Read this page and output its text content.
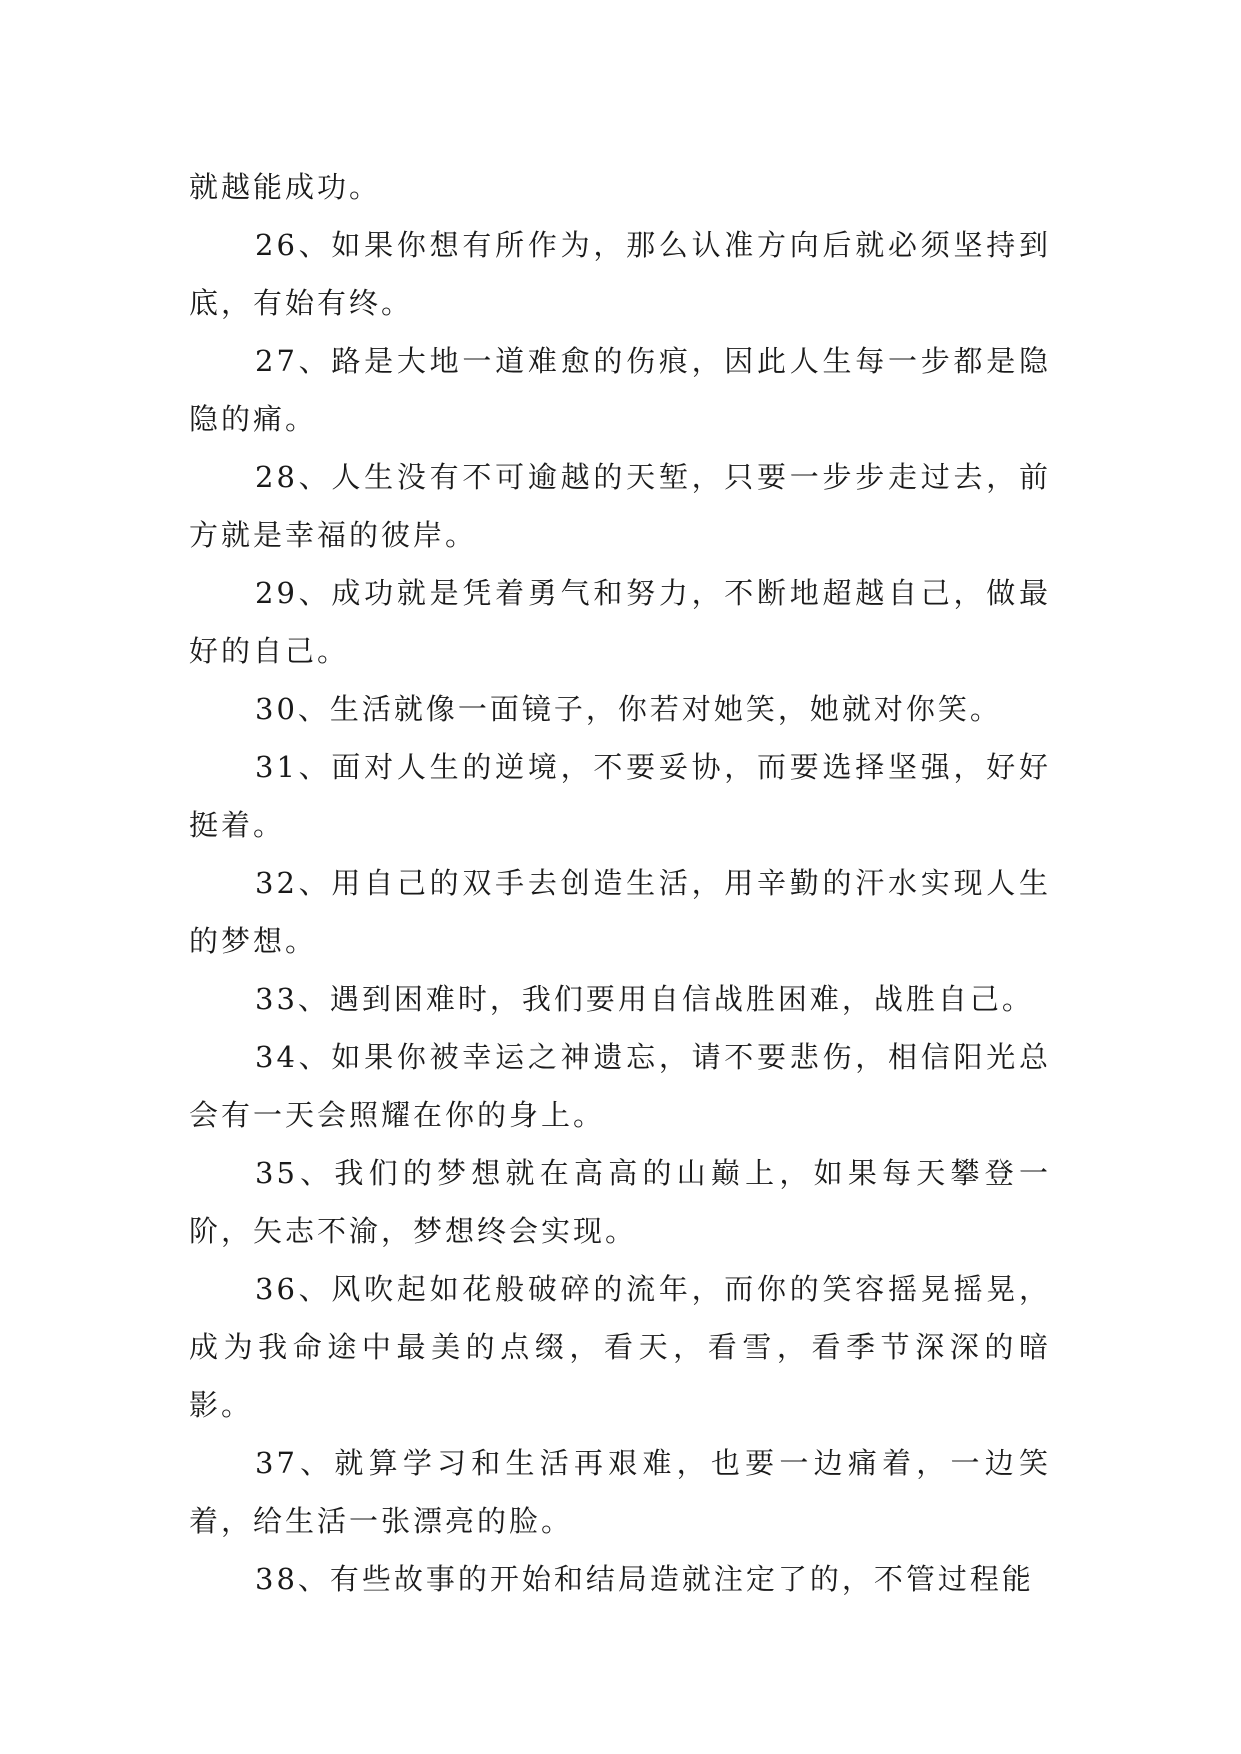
就越能成功。

26、如果你想有所作为，那么认准方向后就必须坚持到底，有始有终。

27、路是大地一道难愈的伤痕，因此人生每一步都是隐隐的痛。

28、人生没有不可逾越的天堑，只要一步步走过去，前方就是幸福的彼岸。

29、成功就是凭着勇气和努力，不断地超越自己，做最好的自己。

30、生活就像一面镜子，你若对她笑，她就对你笑。

31、面对人生的逆境，不要妥协，而要选择坚强，好好挺着。

32、用自己的双手去创造生活，用辛勤的汗水实现人生的梦想。

33、遇到困难时，我们要用自信战胜困难，战胜自己。

34、如果你被幸运之神遗忘，请不要悲伤，相信阳光总会有一天会照耀在你的身上。

35、我们的梦想就在高高的山巅上，如果每天攀登一阶，矢志不渝，梦想终会实现。

36、风吹起如花般破碎的流年，而你的笑容摇晃摇晃，成为我命途中最美的点缀，看天，看雪，看季节深深的暗影。

37、就算学习和生活再艰难，也要一边痛着，一边笑着，给生活一张漂亮的脸。

38、有些故事的开始和结局造就注定了的，不管过程能
